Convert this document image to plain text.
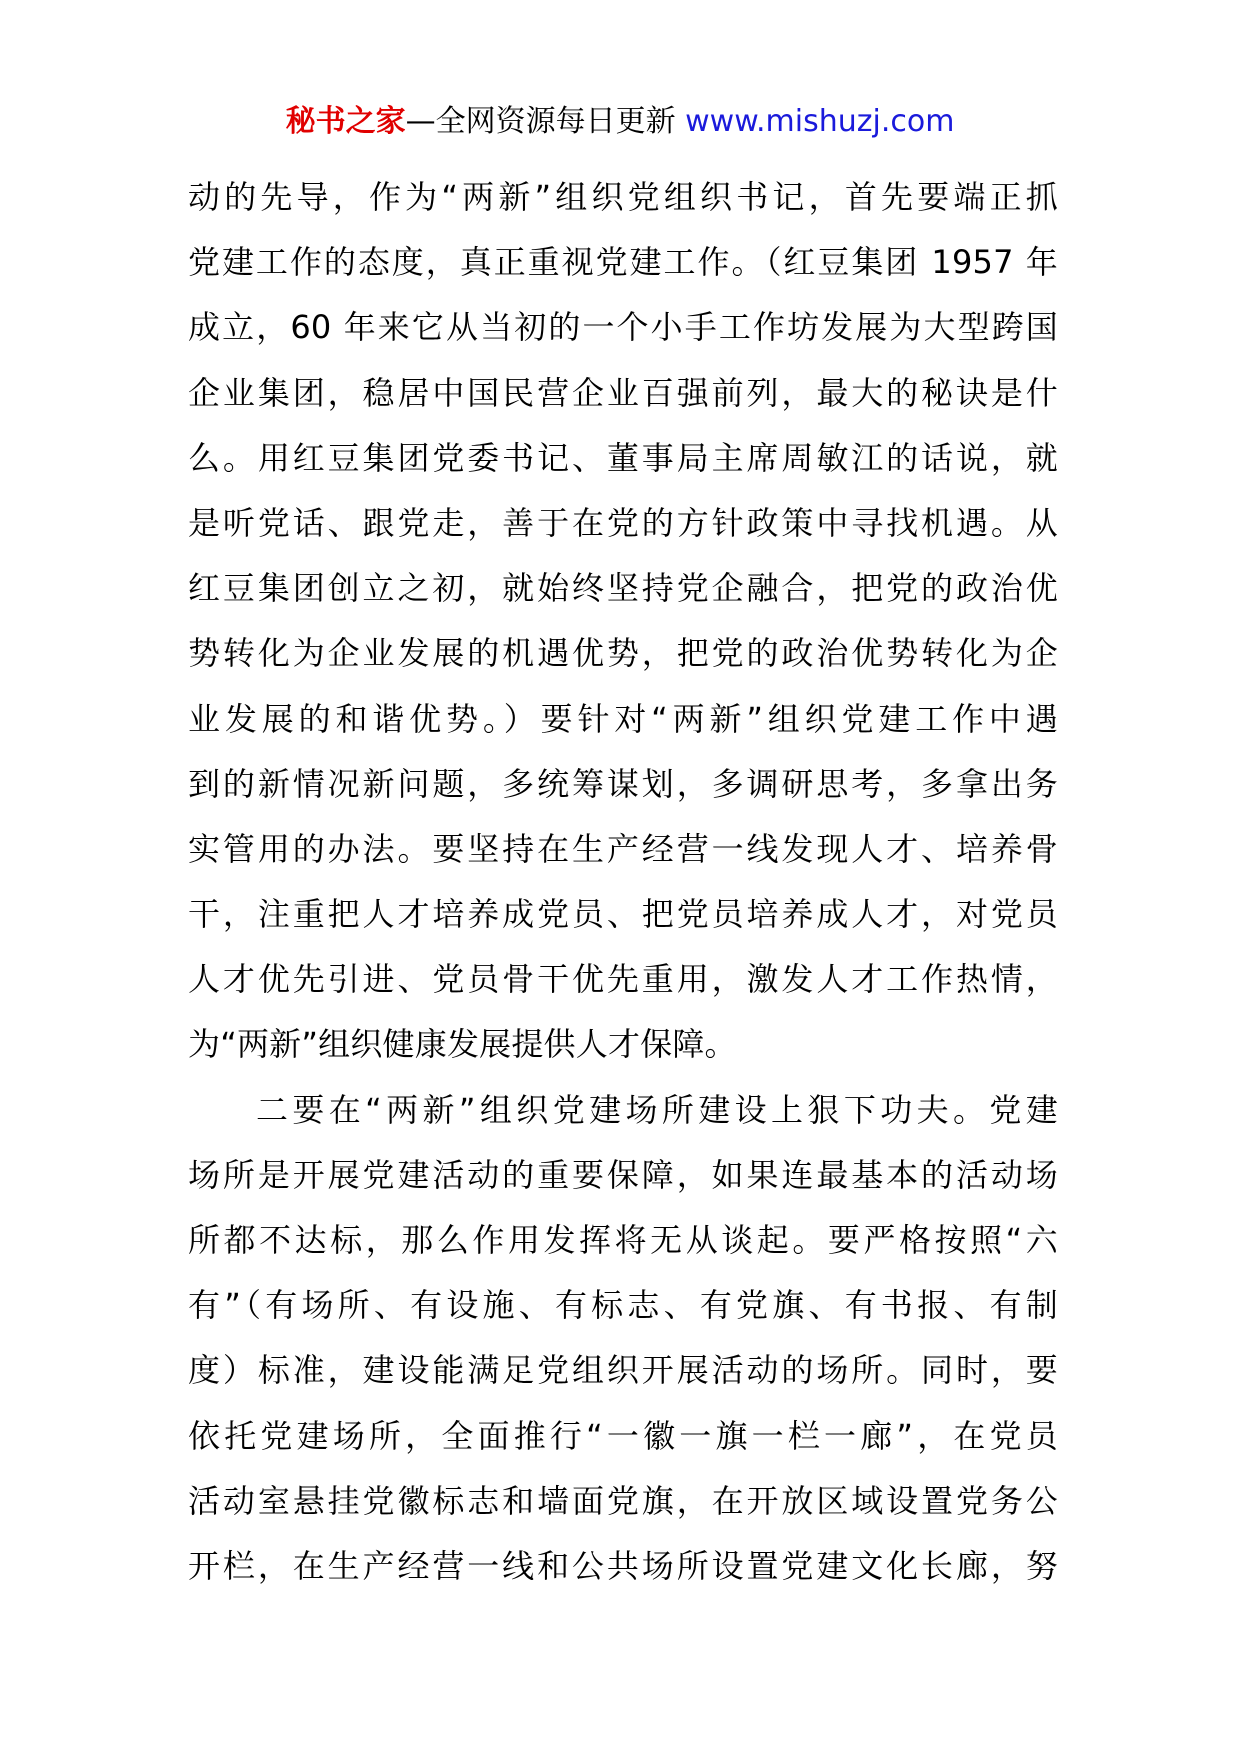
秘书之家—全网资源每日更新 www.mishuzj.com
动的先导，作为“两新”组织党组织书记，首先要端正抓
党建工作的态度，真正重视党建工作。（红豆集团 1957 年
成立，60 年来它从当初的一个小手工作坊发展为大型跨国
企业集团，稳居中国民营企业百强前列，最大的秘诀是什
么。用红豆集团党委书记、董事局主席周敏江的话说，就
是听党话、跟党走，善于在党的方针政策中寻找机遇。从
红豆集团创立之初，就始终坚持党企融合，把党的政治优
势转化为企业发展的机遇优势，把党的政治优势转化为企
业发展的和谐优势。）要针对“两新”组织党建工作中遇
到的新情况新问题，多统筹谋划，多调研思考，多拿出务
实管用的办法。要坚持在生产经营一线发现人才、培养骨
干，注重把人才培养成党员、把党员培养成人才，对党员
人才优先引进、党员骨干优先重用，激发人才工作热情，
为“两新”组织健康发展提供人才保障。
二要在“两新”组织党建场所建设上狠下功夫。党建
场所是开展党建活动的重要保障，如果连最基本的活动场
所都不达标，那么作用发挥将无从谈起。要严格按照“六
有”（有场所、有设施、有标志、有党旗、有书报、有制
度）标准，建设能满足党组织开展活动的场所。同时，要
依托党建场所，全面推行“一徽一旗一栏一廊”，在党员
活动室悬挂党徽标志和墙面党旗，在开放区域设置党务公
开栏，在生产经营一线和公共场所设置党建文化长廊，努
